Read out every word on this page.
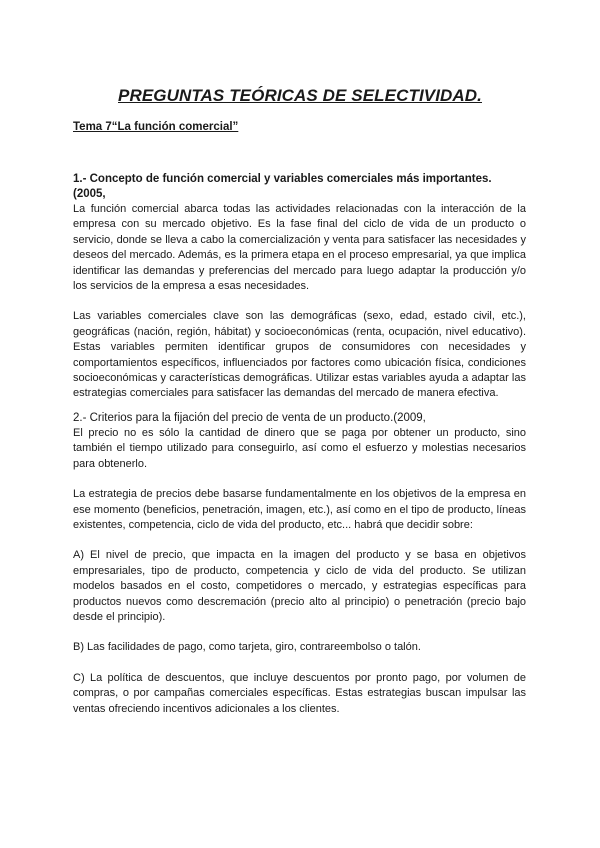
PREGUNTAS TEÓRICAS DE SELECTIVIDAD.
Tema 7“La función comercial”

1.- Concepto de función comercial y variables comerciales más importantes. (2005,

La función comercial abarca todas las actividades relacionadas con la interacción de la empresa con su mercado objetivo. Es la fase final del ciclo de vida de un producto o servicio, donde se lleva a cabo la comercialización y venta para satisfacer las necesidades y deseos del mercado. Además, es la primera etapa en el proceso empresarial, ya que implica identificar las demandas y preferencias del mercado para luego adaptar la producción y/o los servicios de la empresa a esas necesidades.

Las variables comerciales clave son las demográficas (sexo, edad, estado civil, etc.), geográficas (nación, región, hábitat) y socioeconómicas (renta, ocupación, nivel educativo). Estas variables permiten identificar grupos de consumidores con necesidades y comportamientos específicos, influenciados por factores como ubicación física, condiciones socioeconómicas y características demográficas. Utilizar estas variables ayuda a adaptar las estrategias comerciales para satisfacer las demandas del mercado de manera efectiva.

2.- Criterios para la fijación del precio de venta de un producto.(2009,

El precio no es sólo la cantidad de dinero que se paga por obtener un producto, sino también el tiempo utilizado para conseguirlo, así como el esfuerzo y molestias necesarios para obtenerlo.

La estrategia de precios debe basarse fundamentalmente en los objetivos de la empresa en ese momento (beneficios, penetración, imagen, etc.), así como en el tipo de producto, líneas existentes, competencia, ciclo de vida del producto, etc... habrá que decidir sobre:

A) El nivel de precio, que impacta en la imagen del producto y se basa en objetivos empresariales, tipo de producto, competencia y ciclo de vida del producto. Se utilizan modelos basados en el costo, competidores o mercado, y estrategias específicas para productos nuevos como descremación (precio alto al principio) o penetración (precio bajo desde el principio).

B) Las facilidades de pago, como tarjeta, giro, contrareembolso o talón.

C) La política de descuentos, que incluye descuentos por pronto pago, por volumen de compras, o por campañas comerciales específicas. Estas estrategias buscan impulsar las ventas ofreciendo incentivos adicionales a los clientes.
